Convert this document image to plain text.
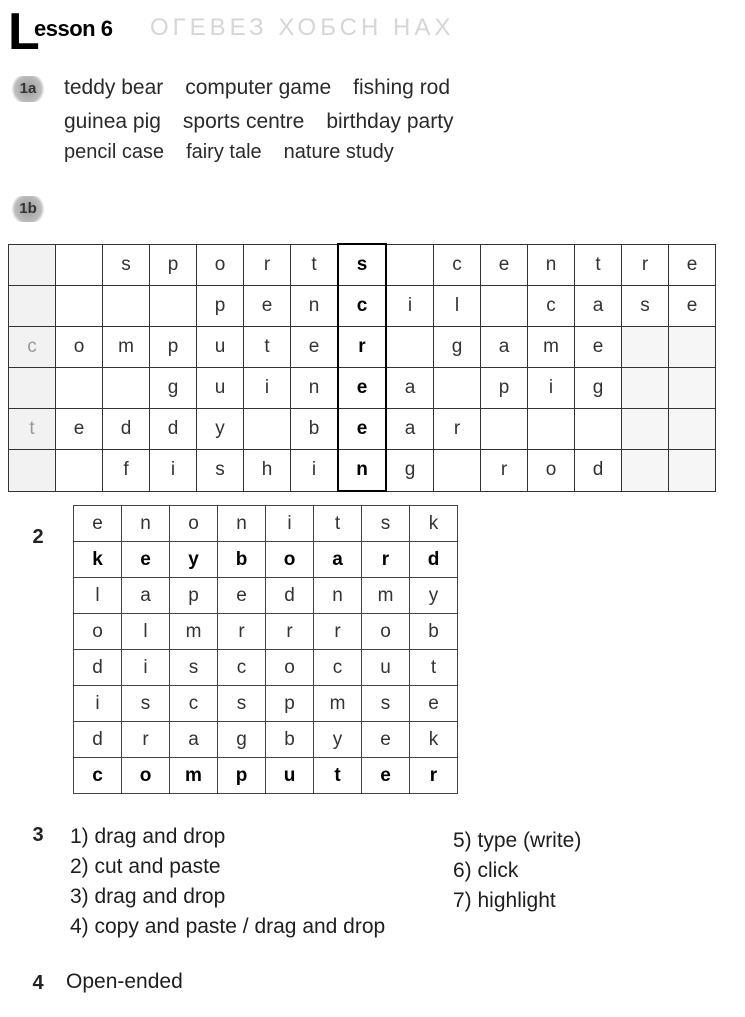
L
esson 6 ОГЕВЕЗ ХОБСН НАХ
1a	teddy bear computer game fishing rod
guinea pig sports centre birthday party
pencil case fairy tale nature study
1b
		s	p	o	r	t	s		c	e	n	t	r	e
				p	e	n	c	i	l		c	a	s	e
c	o	m	p	u	t	e	r		g	a	m	e		
			g	u	i	n	e	a		p	i	g		
t	e	d	d	y		b	e	a	r					
		f	i	s	h	i	n	g		r	o	d		
2
e	n	o	n	i	t	s	k
k	e	y	b	o	a	r	d
l	a	p	e	d	n	m	y
o	l	m	r	r	r	o	b
d	i	s	c	o	c	u	t
i	s	c	s	p	m	s	e
d	r	a	g	b	y	e	k
c	o	m	p	u	t	e	r
3	1) drag and drop
2) cut and paste
3) drag and drop
4) copy and paste / drag and drop
5) type (write)
6) click
7) highlight
4	Open-ended
